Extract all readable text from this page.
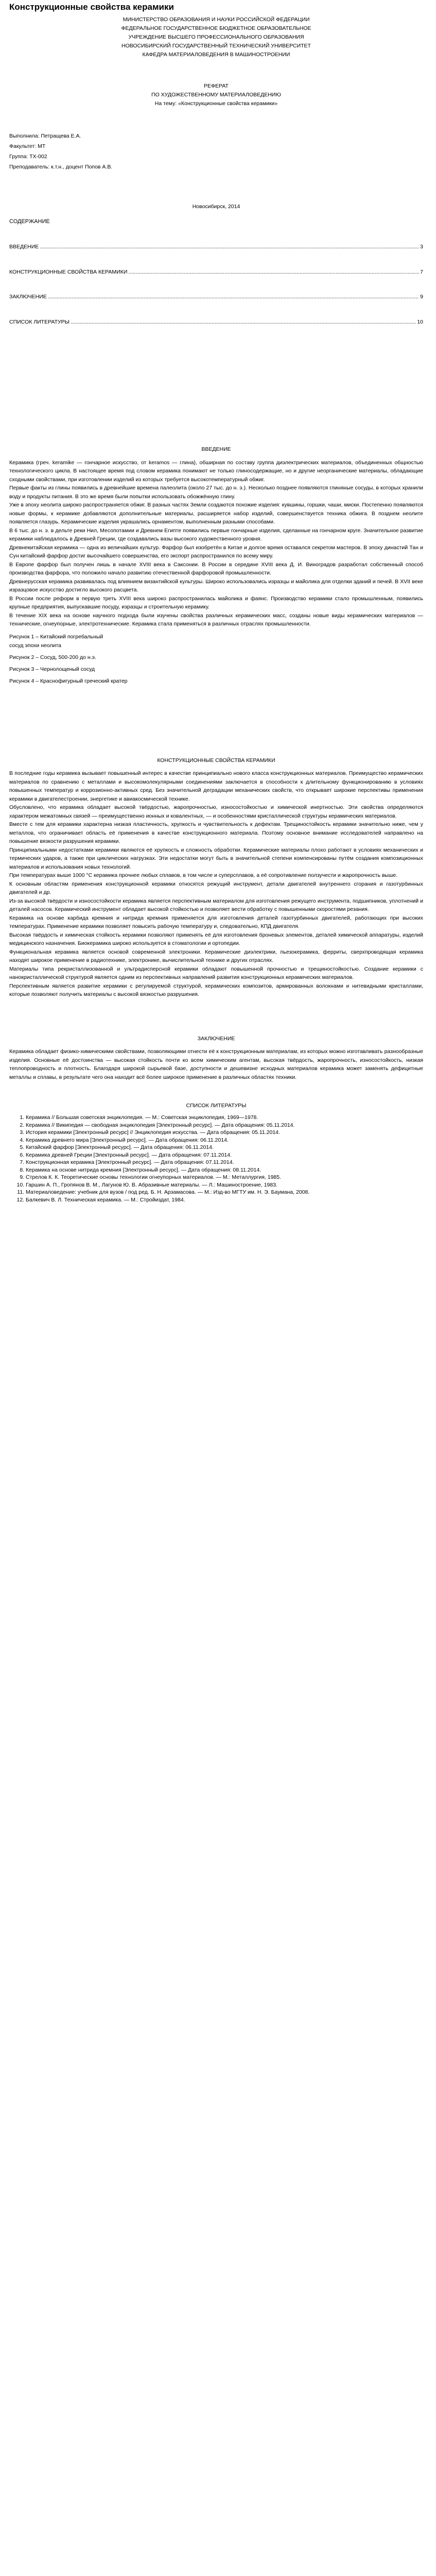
Конструкционные свойства керамики
МИНИСТЕРСТВО ОБРАЗОВАНИЯ И НАУКИ РОССИЙСКОЙ ФЕДЕРАЦИИ
ФЕДЕРАЛЬНОЕ ГОСУДАРСТВЕННОЕ БЮДЖЕТНОЕ ОБРАЗОВАТЕЛЬНОЕ
УЧРЕЖДЕНИЕ ВЫСШЕГО ПРОФЕССИОНАЛЬНОГО ОБРАЗОВАНИЯ
НОВОСИБИРСКИЙ ГОСУДАРСТВЕННЫЙ ТЕХНИЧЕСКИЙ УНИВЕРСИТЕТ
КАФЕДРА МАТЕРИАЛОВЕДЕНИЯ В МАШИНОСТРОЕНИИ
РЕФЕРАТ
ПО ХУДОЖЕСТВЕННОМУ МАТЕРИАЛОВЕДЕНИЮ
На тему: «Конструкционные свойства керамики»
Выполнила: Петращева Е.А.
Факультет: МТ
Группа: ТХ-002
Преподаватель: к.т.н., доцент Попов А.В.
Новосибирск, 2014
СОДЕРЖАНИЕ
ВВЕДЕНИЕ .....	3
КОНСТРУКЦИОННЫЕ СВОЙСТВА КЕРАМИКИ .....	7
ЗАКЛЮЧЕНИЕ .....	9
СПИСОК ЛИТЕРАТУРЫ .....	10
ВВЕДЕНИЕ

Керамика (греч. keramike — гончарное искусство, от keramos — глина), обширная по составу группа диэлектрических материалов, объединенных общностью технологического цикла. В настоящее время под словом керамика понимают не только глиносодержащие, но и другие неорганические материалы, обладающие сходными свойствами, при изготовлении изделий из которых требуется высокотемпературный обжиг.

Первые факты из глины появились в древнейшие времена палеолита (около 27 тыс. до н. э.). Несколько позднее появляются глиняные сосуды, в которых хранили воду и продукты питания. В это же время были попытки использовать обожжённую глину.

Уже в эпоху неолита широко распространяется обжиг. В разных частях Земли создаются похожие изделия: кувшины, горшки, чаши, миски. Постепенно появляются новые формы, к керамике добавляются дополнительные материалы, расширяется набор изделий, совершенствуется техника обжига. В позднем неолите появляется глазурь. Керамические изделия украшались орнаментом, выполненным разными способами.

В 6 тыс. до н. э. в дельте реки Нил, Месопотамии и Древнем Египте появились первые гончарные изделия, сделанные на гончарном круге. Значительное развитие керамики наблюдалось в Древней Греции, где создавались вазы высокого художественного уровня.

Древнекитайская керамика — одна из величайших культур. Фарфор был изобретён в Китае и долгое время оставался секретом мастеров. В эпоху династий Тан и Сун китайский фарфор достиг высочайшего совершенства, его экспорт распространился по всему миру.

В Европе фарфор был получен лишь в начале XVIII века в Саксонии. В России в середине XVIII века Д. И. Виноградов разработал собственный способ производства фарфора, что положило начало развитию отечественной фарфоровой промышленности.

Древнерусская керамика развивалась под влиянием византийской культуры. Широко использовались изразцы и майолика для отделки зданий и печей. В XVII веке изразцовое искусство достигло высокого расцвета.

В России после реформ в первую треть XVIII века широко распространилась майолика и фаянс. Производство керамики стало промышленным, появились крупные предприятия, выпускавшие посуду, изразцы и строительную керамику.

В течение XIX века на основе научного подхода были изучены свойства различных керамических масс, созданы новые виды керамических материалов — технические, огнеупорные, электротехнические. Керамика стала применяться в различных отраслях промышленности.

Рисунок 1 – Китайский погребальный
сосуд эпохи неолита
Рисунок 2 – Сосуд, 500-200 до н.э.
Рисунок 3 – Чернолощеный сосуд
Рисунок 4 – Краснофигурный греческий кратер
КОНСТРУКЦИОННЫЕ СВОЙСТВА КЕРАМИКИ

В последние годы керамика вызывает повышенный интерес в качестве принципиально нового класса конструкционных материалов. Преимущество керамических материалов по сравнению с металлами и высокомолекулярными соединениями заключается в способности к длительному функционированию в условиях повышенных температур и коррозионно-активных сред. Без значительной деградации механических свойств, что открывает широкие перспективы применения керамики в двигателестроении, энергетике и авиакосмической технике.

Обусловлено, что керамика обладает высокой твёрдостью, жаропрочностью, износостойкостью и химической инертностью. Эти свойства определяются характером межатомных связей — преимущественно ионных и ковалентных, — и особенностями кристаллической структуры керамических материалов.

Вместе с тем для керамики характерна низкая пластичность, хрупкость и чувствительность к дефектам. Трещиностойкость керамики значительно ниже, чем у металлов, что ограничивает область её применения в качестве конструкционного материала. Поэтому основное внимание исследователей направлено на повышение вязкости разрушения керамики.

Принципиальными недостатками керамики являются её хрупкость и сложность обработки. Керамические материалы плохо работают в условиях механических и термических ударов, а также при циклических нагрузках. Эти недостатки могут быть в значительной степени компенсированы путём создания композиционных материалов и использования новых технологий.

При температурах выше 1000 °С керамика прочнее любых сплавов, в том числе и суперсплавов, а её сопротивление ползучести и жаропрочность выше.

К основным областям применения конструкционной керамики относятся режущий инструмент, детали двигателей внутреннего сгорания и газотурбинных двигателей и др.

Из-за высокой твёрдости и износостойкости керамика является перспективным материалом для изготовления режущего инструмента, подшипников, уплотнений и деталей насосов. Керамический инструмент обладает высокой стойкостью и позволяет вести обработку с повышенными скоростями резания.

Керамика на основе карбида кремния и нитрида кремния применяется для изготовления деталей газотурбинных двигателей, работающих при высоких температурах. Применение керамики позволяет повысить рабочую температуру и, следовательно, КПД двигателя.

Высокая твёрдость и химическая стойкость керамики позволяют применять её для изготовления броневых элементов, деталей химической аппаратуры, изделий медицинского назначения. Биокерамика широко используется в стоматологии и ортопедии.

Функциональная керамика является основой современной электроники. Керамические диэлектрики, пьезокерамика, ферриты, сверхпроводящая керамика находят широкое применение в радиотехнике, электронике, вычислительной технике и других отраслях.

Материалы типа рекристаллизованной и ультрадисперсной керамики обладают повышенной прочностью и трещиностойкостью. Создание керамики с нанокристаллической структурой является одним из перспективных направлений развития конструкционных керамических материалов.

Перспективным является развитие керамики с регулируемой структурой, керамических композитов, армированных волокнами и нитевидными кристаллами, которые позволяют получить материалы с высокой вязкостью разрушения.

ЗАКЛЮЧЕНИЕ

Керамика обладает физико-химическими свойствами, позволяющими отнести её к конструкционным материалам, из которых можно изготавливать разнообразные изделия. Основные её достоинства — высокая стойкость почти ко всем химическим агентам, высокая твёрдость, жаропрочность, износостойкость, низкая теплопроводность и плотность. Благодаря широкой сырьевой базе, доступности и дешевизне исходных материалов керамика может заменять дефицитные металлы и сплавы, в результате чего она находит всё более широкое применение в различных областях техники.

СПИСОК ЛИТЕРАТУРЫ
1. Керамика // Большая советская энциклопедия. — М.: Советская энциклопедия, 1969—1978.
2. Керамика // Википедия — свободная энциклопедия [Электронный ресурс]. — Дата обращения: 05.11.2014.
3. История керамики [Электронный ресурс] // Энциклопедия искусства. — Дата обращения: 05.11.2014.
4. Керамика древнего мира [Электронный ресурс]. — Дата обращения: 06.11.2014.
5. Китайский фарфор [Электронный ресурс]. — Дата обращения: 06.11.2014.
6. Керамика древней Греции [Электронный ресурс]. — Дата обращения: 07.11.2014.
7. Конструкционная керамика [Электронный ресурс]. — Дата обращения: 07.11.2014.
8. Керамика на основе нитрида кремния [Электронный ресурс]. — Дата обращения: 08.11.2014.
9. Стрелов К. К. Теоретические основы технологии огнеупорных материалов. — М.: Металлургия, 1985.
10. Гаршин А. П., Гропянов В. М., Лагунов Ю. В. Абразивные материалы. — Л.: Машиностроение, 1983.
11. Материаловедение: учебник для вузов / под ред. Б. Н. Арзамасова. — М.: Изд-во МГТУ им. Н. Э. Баумана, 2008.
12. Балкевич В. Л. Техническая керамика. — М.: Стройиздат, 1984.
